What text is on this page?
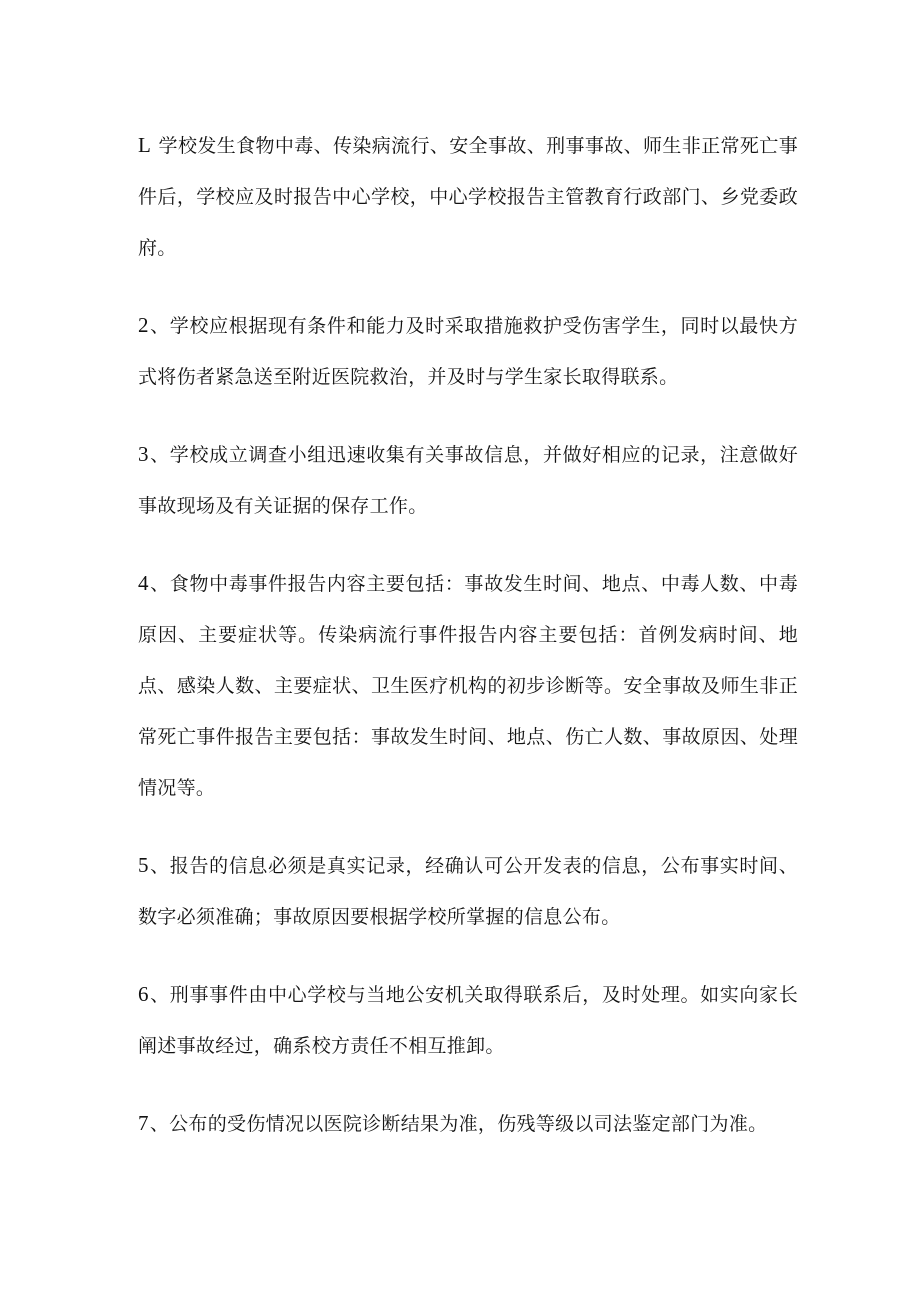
L 学校发生食物中毒、传染病流行、安全事故、刑事事故、师生非正常死亡事件后，学校应及时报告中心学校，中心学校报告主管教育行政部门、乡党委政府。

2、学校应根据现有条件和能力及时采取措施救护受伤害学生，同时以最快方式将伤者紧急送至附近医院救治，并及时与学生家长取得联系。

3、学校成立调查小组迅速收集有关事故信息，并做好相应的记录，注意做好事故现场及有关证据的保存工作。

4、食物中毒事件报告内容主要包括：事故发生时间、地点、中毒人数、中毒原因、主要症状等。传染病流行事件报告内容主要包括：首例发病时间、地点、感染人数、主要症状、卫生医疗机构的初步诊断等。安全事故及师生非正常死亡事件报告主要包括：事故发生时间、地点、伤亡人数、事故原因、处理情况等。

5、报告的信息必须是真实记录，经确认可公开发表的信息，公布事实时间、数字必须准确；事故原因要根据学校所掌握的信息公布。

6、刑事事件由中心学校与当地公安机关取得联系后，及时处理。如实向家长阐述事故经过，确系校方责任不相互推卸。

7、公布的受伤情况以医院诊断结果为准，伤残等级以司法鉴定部门为准。
